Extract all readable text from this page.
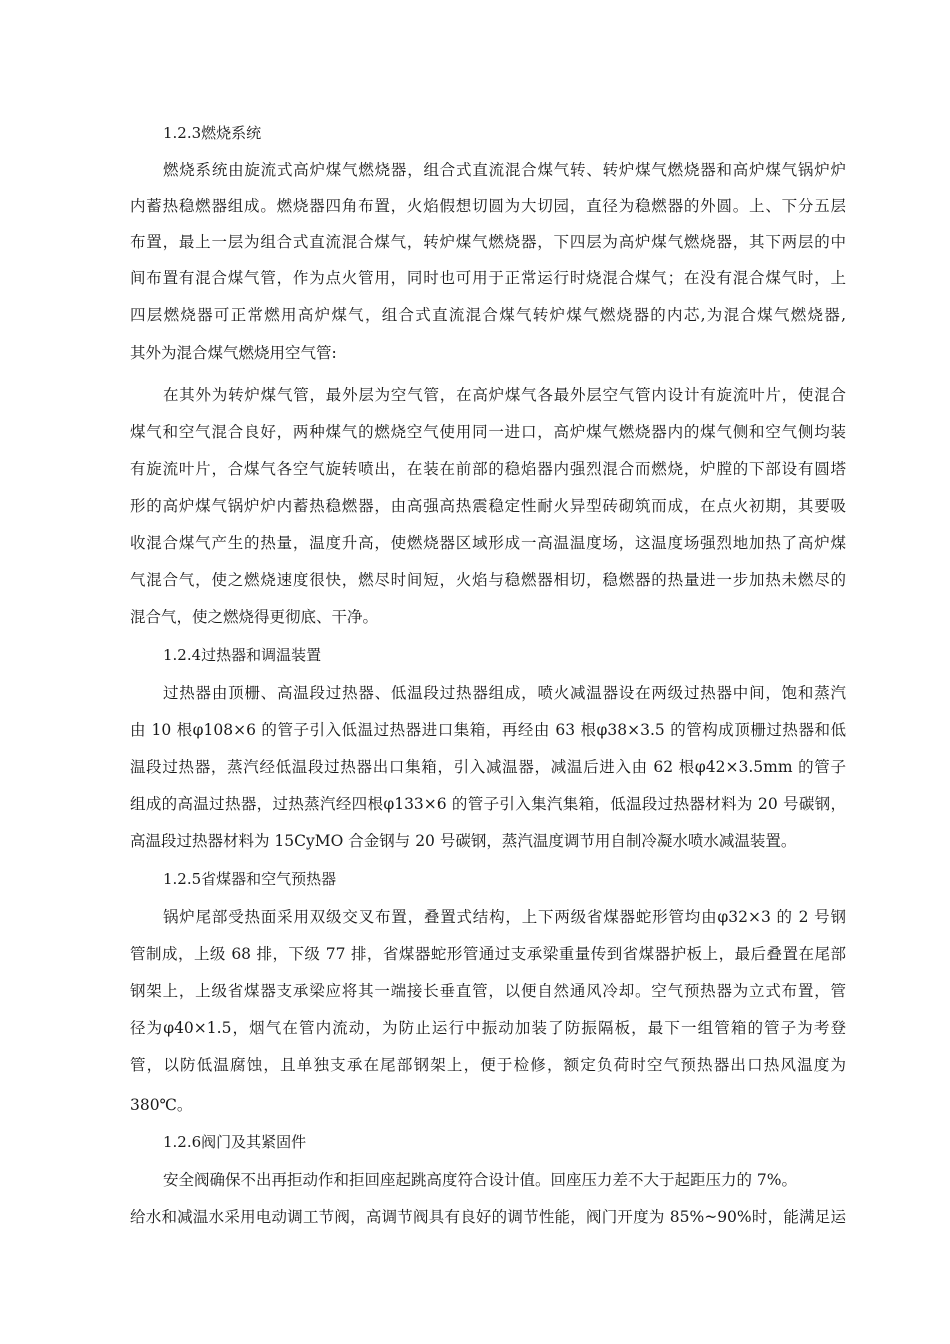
1.2.3燃烧系统

燃烧系统由旋流式高炉煤气燃烧器，组合式直流混合煤气转、转炉煤气燃烧器和高炉煤气锅炉炉

内蓄热稳燃器组成。燃烧器四角布置，火焰假想切圆为大切园，直径为稳燃器的外圆。上、下分五层

布置，最上一层为组合式直流混合煤气，转炉煤气燃烧器，下四层为高炉煤气燃烧器，其下两层的中

间布置有混合煤气管，作为点火管用，同时也可用于正常运行时烧混合煤气；在没有混合煤气时，上

四层燃烧器可正常燃用高炉煤气，组合式直流混合煤气转炉煤气燃烧器的内芯,为混合煤气燃烧器,

其外为混合煤气燃烧用空气管:

在其外为转炉煤气管，最外层为空气管，在高炉煤气各最外层空气管内设计有旋流叶片，使混合

煤气和空气混合良好，两种煤气的燃烧空气使用同一进口，高炉煤气燃烧器内的煤气侧和空气侧均装

有旋流叶片，合煤气各空气旋转喷出，在装在前部的稳焰器内强烈混合而燃烧，炉膛的下部设有圆塔

形的高炉煤气锅炉炉内蓄热稳燃器，由高强高热震稳定性耐火异型砖砌筑而成，在点火初期，其要吸

收混合煤气产生的热量，温度升高，使燃烧器区域形成一高温温度场，这温度场强烈地加热了高炉煤

气混合气，使之燃烧速度很快，燃尽时间短，火焰与稳燃器相切，稳燃器的热量进一步加热未燃尽的

混合气，使之燃烧得更彻底、干净。

1.2.4过热器和调温装置

过热器由顶栅、高温段过热器、低温段过热器组成，喷火减温器设在两级过热器中间，饱和蒸汽

由 10 根φ108×6 的管子引入低温过热器进口集箱，再经由 63 根φ38×3.5 的管构成顶栅过热器和低

温段过热器，蒸汽经低温段过热器出口集箱，引入减温器，减温后进入由 62 根φ42×3.5mm 的管子

组成的高温过热器，过热蒸汽经四根φ133×6 的管子引入集汽集箱，低温段过热器材料为 20 号碳钢，

高温段过热器材料为 15CyMO 合金钢与 20 号碳钢，蒸汽温度调节用自制冷凝水喷水减温装置。

1.2.5省煤器和空气预热器

锅炉尾部受热面采用双级交叉布置，叠置式结构，上下两级省煤器蛇形管均由φ32×3 的 2 号钢

管制成，上级 68 排，下级 77 排，省煤器蛇形管通过支承梁重量传到省煤器护板上，最后叠置在尾部

钢架上，上级省煤器支承梁应将其一端接长垂直管，以便自然通风冷却。空气预热器为立式布置，管

径为φ40×1.5，烟气在管内流动，为防止运行中振动加装了防振隔板，最下一组管箱的管子为考登

管，以防低温腐蚀，且单独支承在尾部钢架上，便于检修，额定负荷时空气预热器出口热风温度为

380℃。

1.2.6阀门及其紧固件

安全阀确保不出再拒动作和拒回座起跳高度符合设计值。回座压力差不大于起距压力的 7%。

给水和减温水采用电动调工节阀，高调节阀具有良好的调节性能，阀门开度为 85%~90%时，能满足运
